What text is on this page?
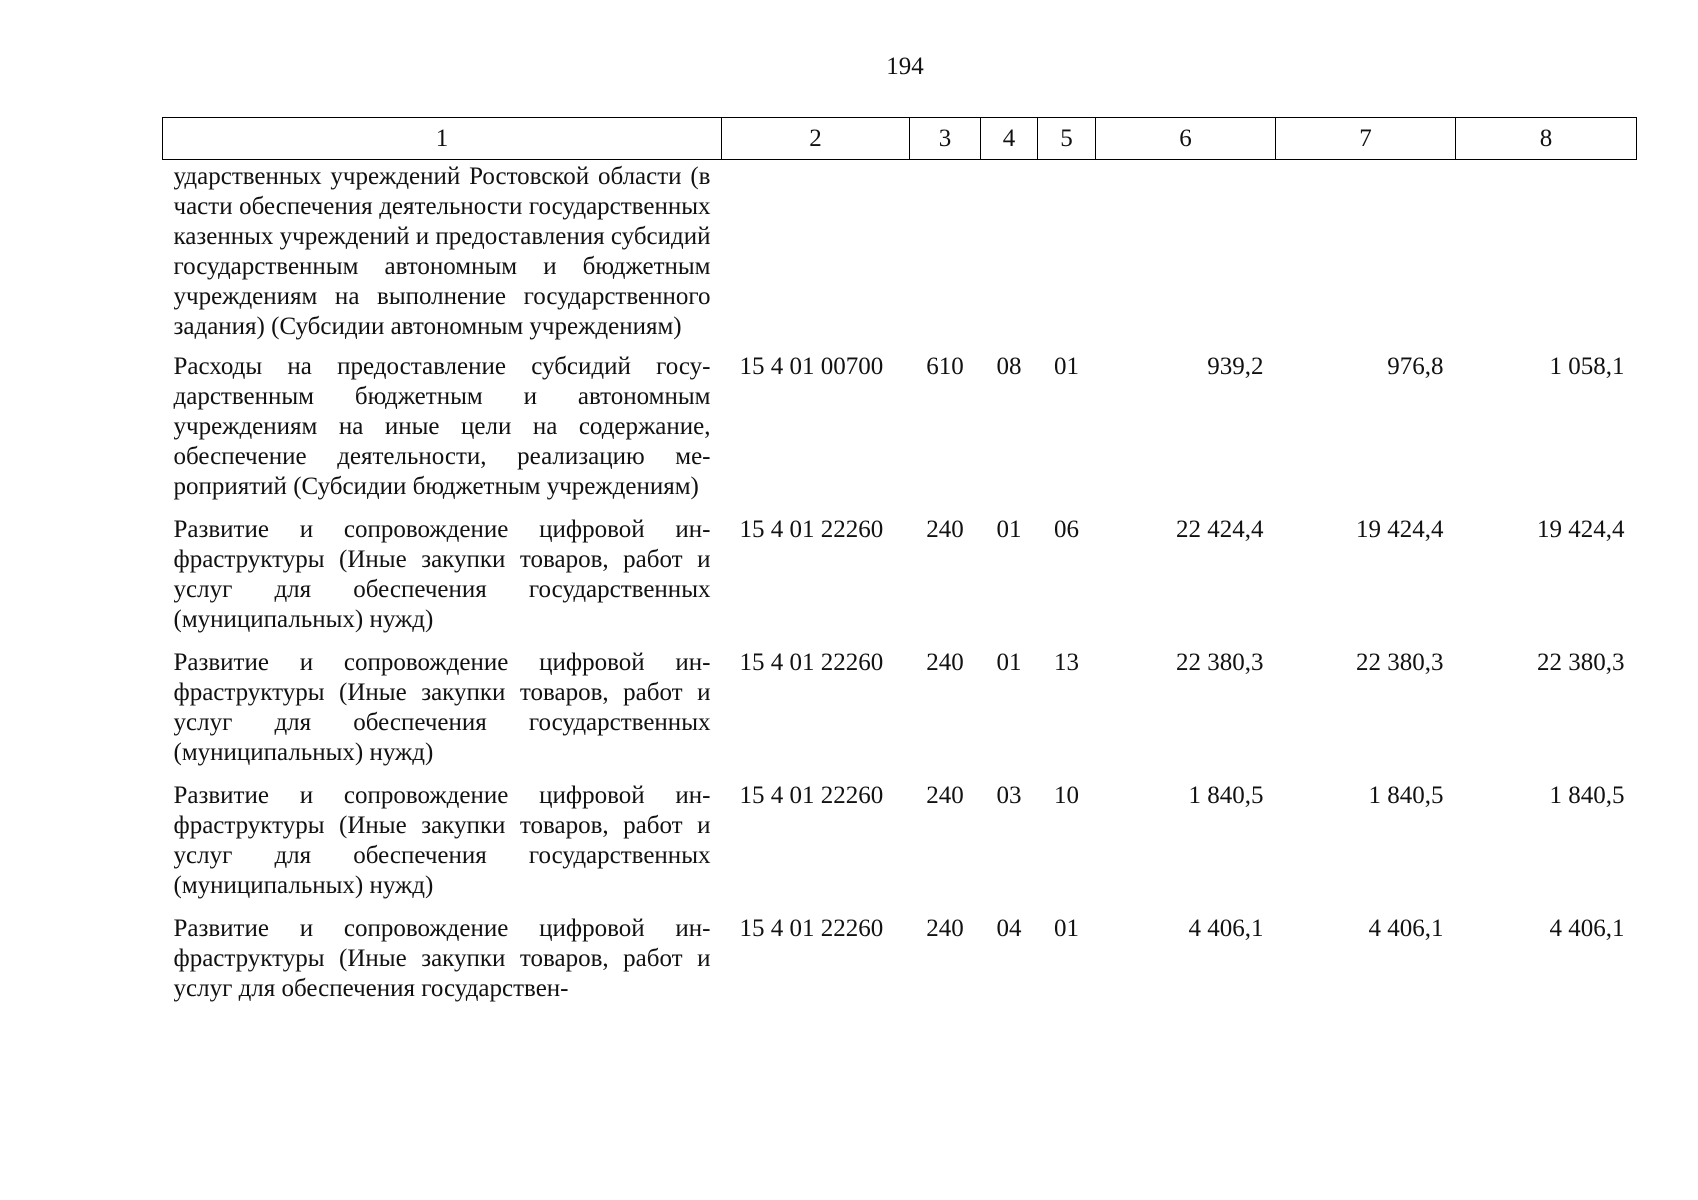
194
1	2	3	4	5	6	7	8
ударственных учреждений Ростовской области (в части обеспечения деятельности государственных казенных учреждений и предоставления субсидий государственным автономным и бюджетным учреждениям на выполнение государственного задания) (Субсидии автономным учреждениям)							
Расходы на предоставление субсидий государственным бюджетным и автономным учреждениям на иные цели на содержание, обеспечение деятельности, реализацию мероприятий (Субсидии бюджетным учреждениям)	15 4 01 00700	610	08	01	939,2	976,8	1 058,1
Развитие и сопровождение цифровой инфраструктуры (Иные закупки товаров, работ и услуг для обеспечения государственных (муниципальных) нужд)	15 4 01 22260	240	01	06	22 424,4	19 424,4	19 424,4
Развитие и сопровождение цифровой инфраструктуры (Иные закупки товаров, работ и услуг для обеспечения государственных (муниципальных) нужд)	15 4 01 22260	240	01	13	22 380,3	22 380,3	22 380,3
Развитие и сопровождение цифровой инфраструктуры (Иные закупки товаров, работ и услуг для обеспечения государственных (муниципальных) нужд)	15 4 01 22260	240	03	10	1 840,5	1 840,5	1 840,5
Развитие и сопровождение цифровой инфраструктуры (Иные закупки товаров, работ и услуг для обеспечения государствен-	15 4 01 22260	240	04	01	4 406,1	4 406,1	4 406,1
